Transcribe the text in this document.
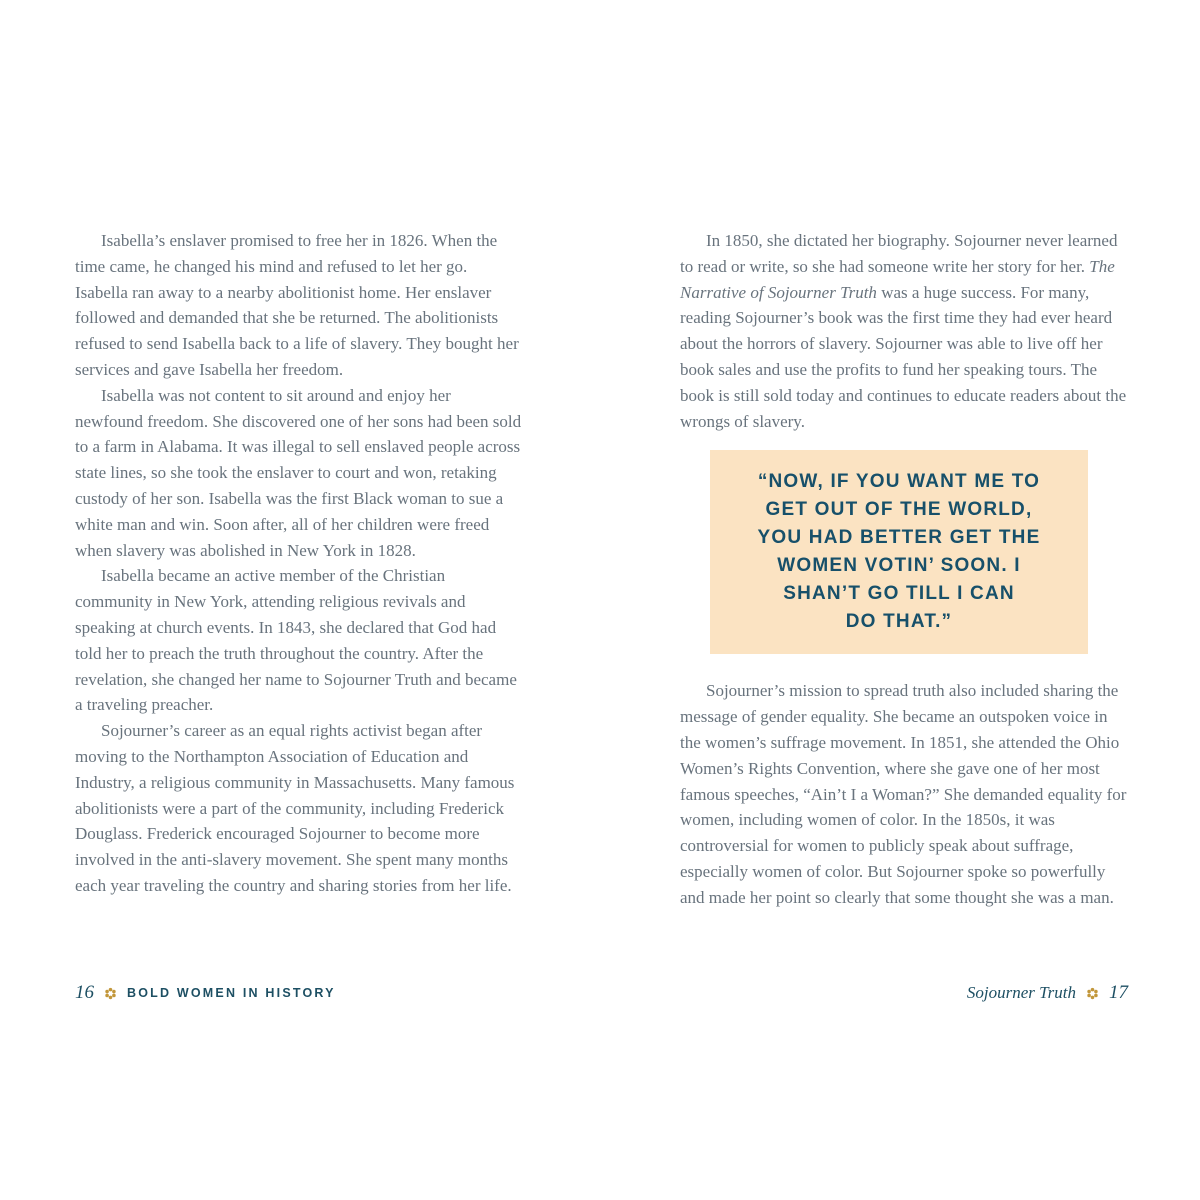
Isabella’s enslaver promised to free her in 1826. When the time came, he changed his mind and refused to let her go. Isabella ran away to a nearby abolitionist home. Her enslaver followed and demanded that she be returned. The abolitionists refused to send Isabella back to a life of slavery. They bought her services and gave Isabella her freedom.

Isabella was not content to sit around and enjoy her newfound freedom. She discovered one of her sons had been sold to a farm in Alabama. It was illegal to sell enslaved people across state lines, so she took the enslaver to court and won, retaking custody of her son. Isabella was the first Black woman to sue a white man and win. Soon after, all of her children were freed when slavery was abolished in New York in 1828.

Isabella became an active member of the Christian community in New York, attending religious revivals and speaking at church events. In 1843, she declared that God had told her to preach the truth throughout the country. After the revelation, she changed her name to Sojourner Truth and became a traveling preacher.

Sojourner’s career as an equal rights activist began after moving to the Northampton Association of Education and Industry, a religious community in Massachusetts. Many famous abolitionists were a part of the community, including Frederick Douglass. Frederick encouraged Sojourner to become more involved in the anti-slavery movement. She spent many months each year traveling the country and sharing stories from her life.

In 1850, she dictated her biography. Sojourner never learned to read or write, so she had someone write her story for her. The Narrative of Sojourner Truth was a huge success. For many, reading Sojourner’s book was the first time they had ever heard about the horrors of slavery. Sojourner was able to live off her book sales and use the profits to fund her speaking tours. The book is still sold today and continues to educate readers about the wrongs of slavery.

“NOW, IF YOU WANT ME TO
GET OUT OF THE WORLD,
YOU HAD BETTER GET THE
WOMEN VOTIN’ SOON. I
SHAN’T GO TILL I CAN
DO THAT.”

Sojourner’s mission to spread truth also included sharing the message of gender equality. She became an outspoken voice in the women’s suffrage movement. In 1851, she attended the Ohio Women’s Rights Convention, where she gave one of her most famous speeches, “Ain’t I a Woman?” She demanded equality for women, including women of color. In the 1850s, it was controversial for women to publicly speak about suffrage, especially women of color. But Sojourner spoke so powerfully and made her point so clearly that some thought she was a man.

16	BOLD WOMEN IN HISTORY	Sojourner Truth 17
